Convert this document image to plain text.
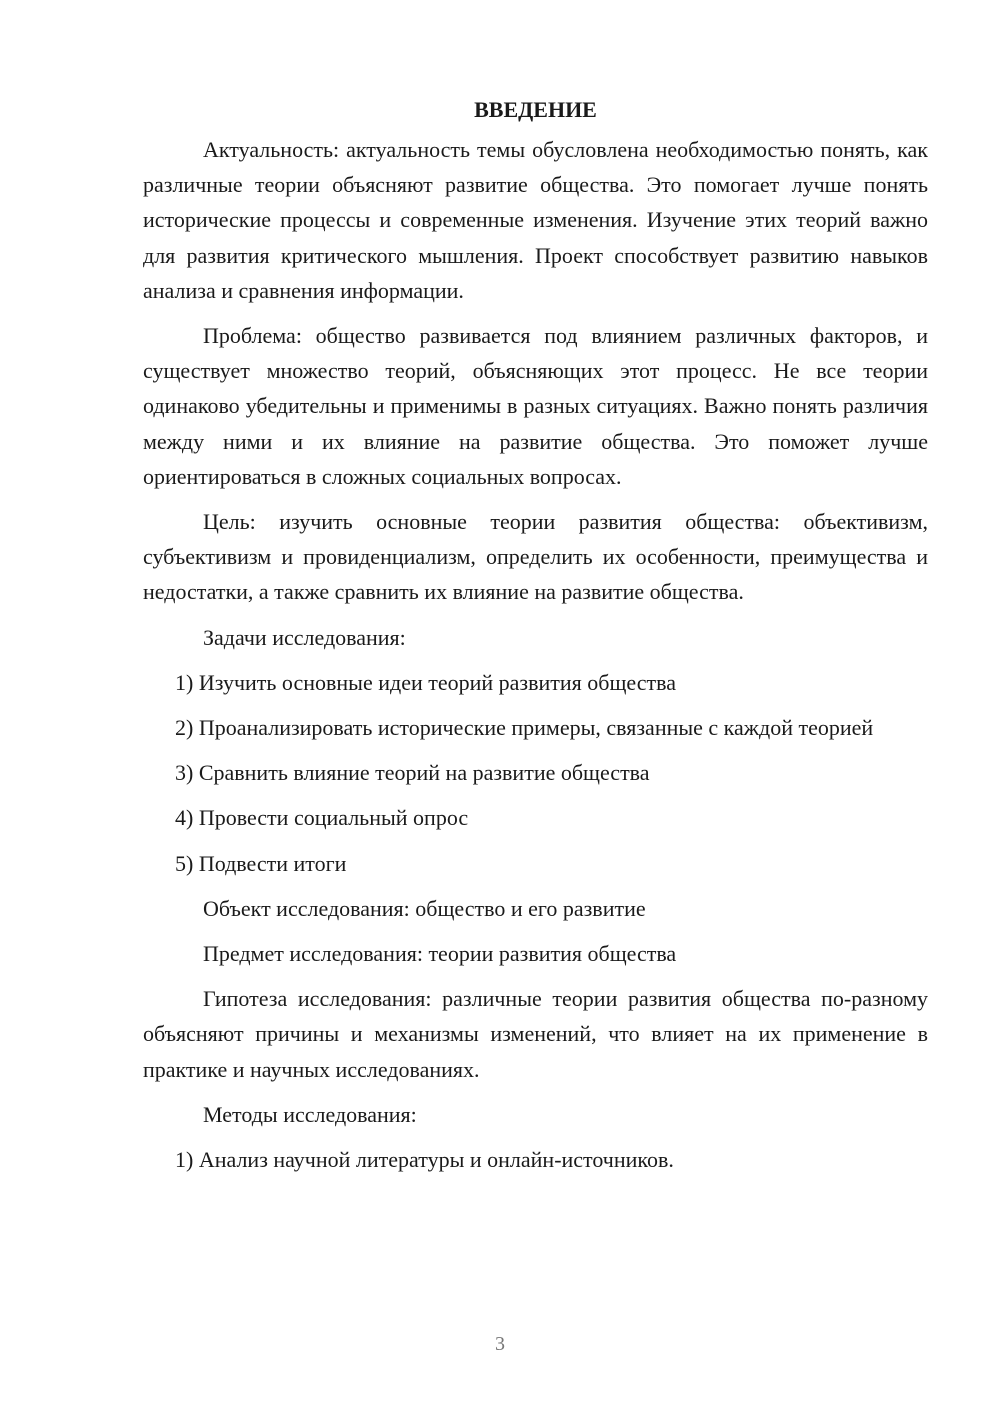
ВВЕДЕНИЕ

Актуальность: актуальность темы обусловлена необходимостью понять, как различные теории объясняют развитие общества. Это помогает лучше понять исторические процессы и современные изменения. Изучение этих теорий важно для развития критического мышления. Проект способствует развитию навыков анализа и сравнения информации.

Проблема: общество развивается под влиянием различных факторов, и существует множество теорий, объясняющих этот процесс. Не все теории одинаково убедительны и применимы в разных ситуациях. Важно понять различия между ними и их влияние на развитие общества. Это поможет лучше ориентироваться в сложных социальных вопросах.

Цель: изучить основные теории развития общества: объективизм, субъективизм и провиденциализм, определить их особенности, преимущества и недостатки, а также сравнить их влияние на развитие общества.

Задачи исследования:

1) Изучить основные идеи теорий развития общества

2) Проанализировать исторические примеры, связанные с каждой теорией

3) Сравнить влияние теорий на развитие общества

4) Провести социальный опрос

5) Подвести итоги

Объект исследования: общество и его развитие

Предмет исследования: теории развития общества

Гипотеза исследования: различные теории развития общества по-разному объясняют причины и механизмы изменений, что влияет на их применение в практике и научных исследованиях.

Методы исследования:

1) Анализ научной литературы и онлайн-источников.

3
